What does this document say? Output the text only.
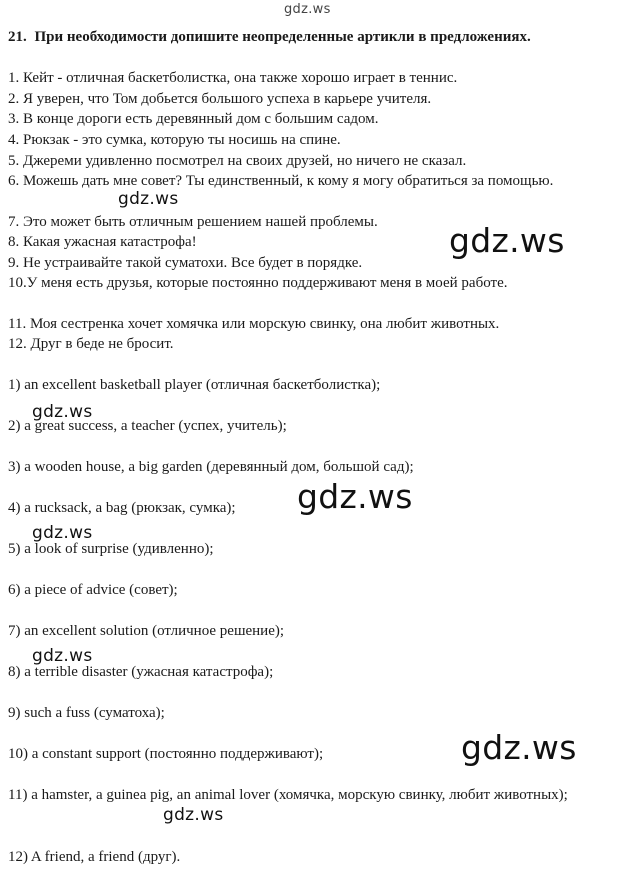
gdz.ws
21. При необходимости допишите неопределенные артикли в предложениях.
1. Кейт - отличная баскетболистка, она также хорошо играет в теннис.
2. Я уверен, что Том добьется большого успеха в карьере учителя.
3. В конце дороги есть деревянный дом с большим садом.
4. Рюкзак - это сумка, которую ты носишь на спине.
5. Джереми удивленно посмотрел на своих друзей, но ничего не сказал.
6. Можешь дать мне совет? Ты единственный, к кому я могу обратиться за помощью.
7. Это может быть отличным решением нашей проблемы.
8. Какая ужасная катастрофа!
9. Не устраивайте такой суматохи. Все будет в порядке.
10.У меня есть друзья, которые постоянно поддерживают меня в моей работе.
11. Моя сестренка хочет хомячка или морскую свинку, она любит животных.
12. Друг в беде не бросит.
1) an excellent basketball player (отличная баскетболистка);
2) a great success, a teacher (успех, учитель);
3) a wooden house, a big garden (деревянный дом, большой сад);
4) a rucksack, a bag (рюкзак, сумка);
5) a look of surprise (удивленно);
6) a piece of advice (совет);
7) an excellent solution (отличное решение);
8) a terrible disaster (ужасная катастрофа);
9) such a fuss (суматоха);
10) a constant support (постоянно поддерживают);
11) a hamster, a guinea pig, an animal lover (хомячка, морскую свинку, любит животных);
12) A friend, a friend (друг).
gdz.ws
gdz.ws
gdz.ws
gdz.ws
gdz.ws
gdz.ws
gdz.ws
gdz.ws
